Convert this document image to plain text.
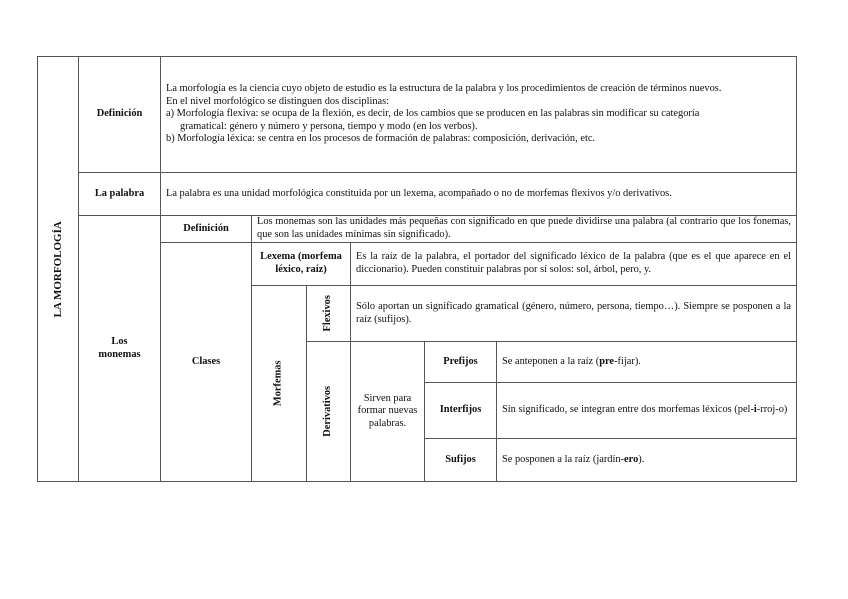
LA MORFOLOGÍA
Definición

La morfología es la ciencia cuyo objeto de estudio es la estructura de la palabra y los procedimientos de creación de términos nuevos.

En el nivel morfológico se distinguen dos disciplinas:

a) Morfología flexiva: se ocupa de la flexión, es decir, de los cambios que se producen en las palabras sin modificar su categoría

gramatical: género y número y persona, tiempo y modo (en los verbos).

b) Morfología léxica: se centra en los procesos de formación de palabras: composición, derivación, etc.

La palabra La palabra es una unidad morfológica constituida por un lexema, acompañado o no de morfemas flexivos y/o derivativos.

Los monemas
Definición

Los monemas son las unidades más pequeñas con significado en que puede dividirse una palabra (al contrario que los fonemas, que son las unidades mínimas sin significado).

Clases
Lexema (morfema léxico, raíz)

Es la raíz de la palabra, el portador del significado léxico de la palabra (que es el que aparece en el diccionario). Pueden constituir palabras por sí solos: sol, árbol, pero, y.

Morfemas
Flexivos Sólo aportan un significado gramatical (género, número, persona, tiempo…). Siempre se posponen a la raíz (sufijos).

Derivativos	Sirven para formar nuevas palabras.
Prefijos Se anteponen a la raíz (pre-fijar).

Interfijos Sin significado, se integran entre dos morfemas léxicos (pel-i-rroj-o)

Sufijos	Se posponen a la raíz (jardín-ero).
